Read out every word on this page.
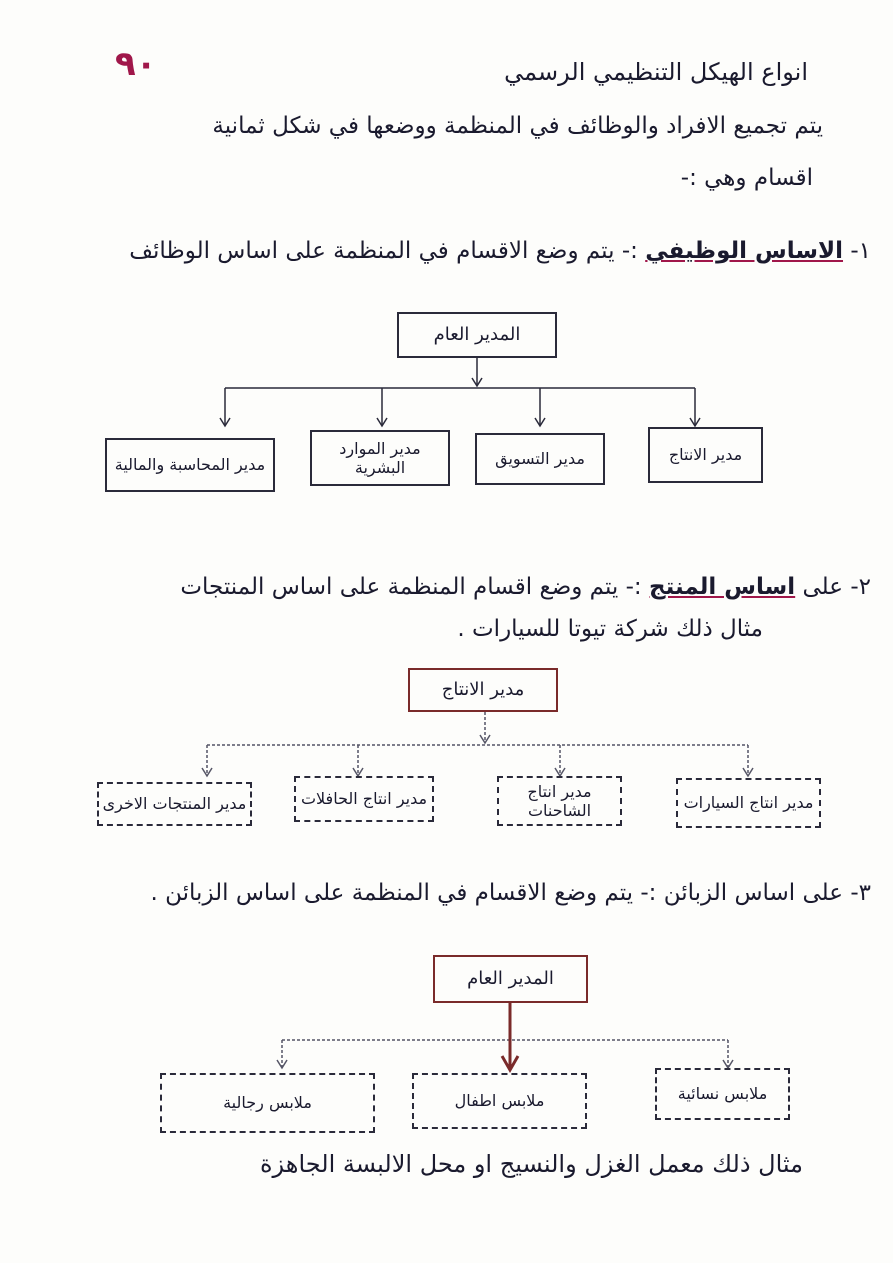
٩٠	انواع الهيكل التنظيمي الرسمي
يتم تجميع الافراد والوظائف في المنظمة ووضعها في شكل ثمانية
اقسام وهي :-
١- الاساس الوظيفي :- يتم وضع الاقسام في المنظمة على اساس الوظائف
المدير العام
مدير الانتاج
مدير التسويق
مدير الموارد البشرية
مدير المحاسبة والمالية
٢- على اساس المنتج :- يتم وضع اقسام المنظمة على اساس المنتجات
مثال ذلك شركة تيوتا للسيارات .
مدير الانتاج
مدير انتاج السيارات
مدير انتاج الشاحنات
مدير انتاج الحافلات
مدير المنتجات الاخرى
٣- على اساس الزبائن :- يتم وضع الاقسام في المنظمة على اساس الزبائن .
المدير العام
ملابس نسائية
ملابس اطفال
ملابس رجالية
مثال ذلك معمل الغزل والنسيج او محل الالبسة الجاهزة
